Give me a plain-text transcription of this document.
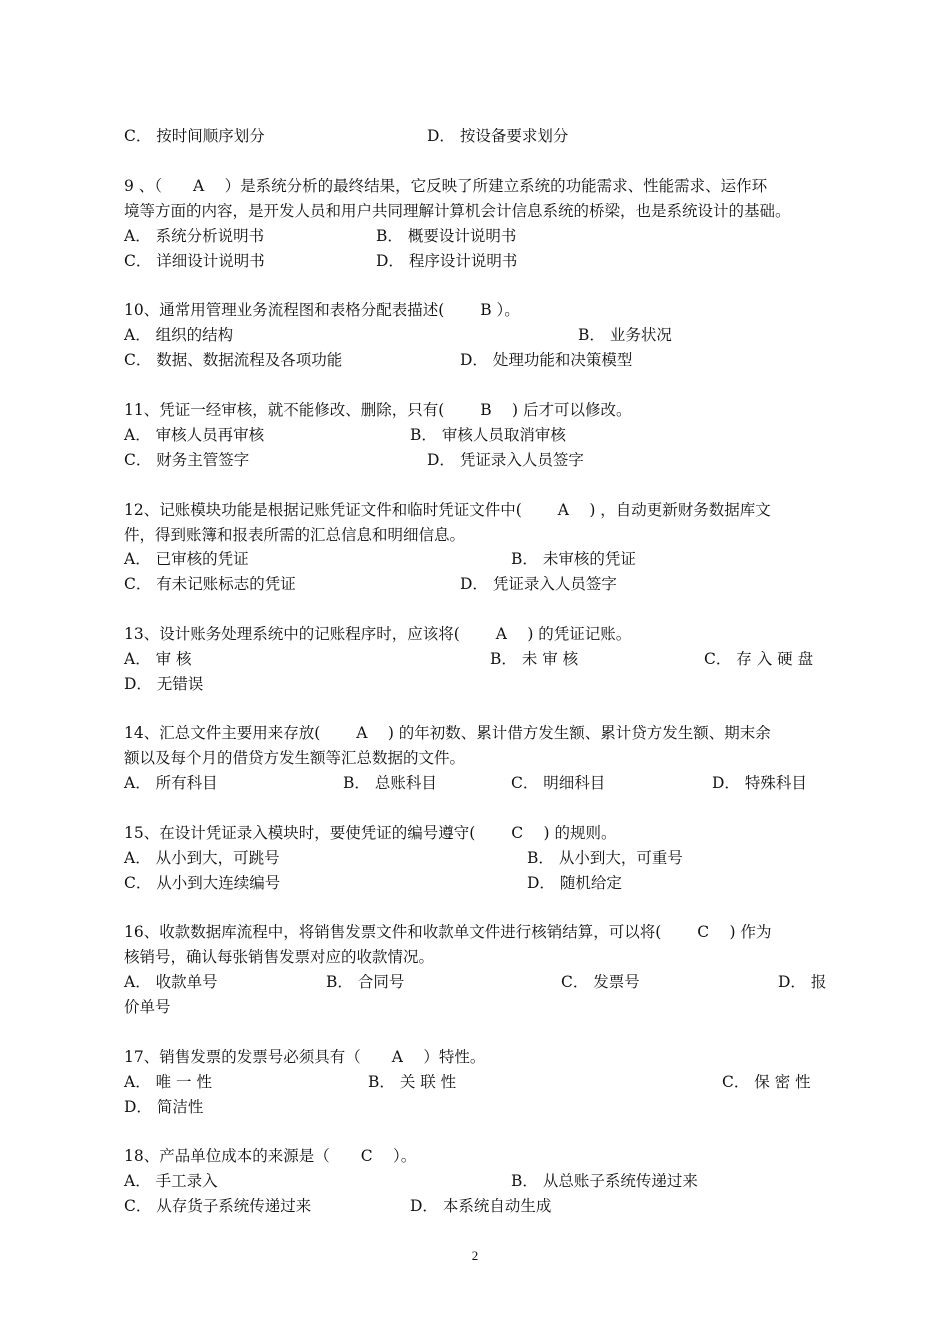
C． 按时间顺序划分	D． 按设备要求划分
9 、（　　A　 ）是系统分析的最终结果，它反映了所建立系统的功能需求、性能需求、运作环
境等方面的内容，是开发人员和用户共同理解计算机会计信息系统的桥梁，也是系统设计的基础。
A． 系统分析说明书	B． 概要设计说明书
C． 详细设计说明书	D． 程序设计说明书
10、通常用管理业务流程图和表格分配表描述(　　 B ）。
A． 组织的结构	B． 业务状况
C． 数据、数据流程及各项功能	D． 处理功能和决策模型
11、凭证一经审核，就不能修改、删除，只有(　　 B　 ) 后才可以修改。
A． 审核人员再审核	B． 审核人员取消审核
C． 财务主管签字	D． 凭证录入人员签字
12、记账模块功能是根据记账凭证文件和临时凭证文件中(　　 A　 ) ，自动更新财务数据库文
件，得到账簿和报表所需的汇总信息和明细信息。
A． 已审核的凭证	B． 未审核的凭证
C． 有未记账标志的凭证	D． 凭证录入人员签字
13、设计账务处理系统中的记账程序时，应该将(　　 A　 ) 的凭证记账。
A． 审 核	B． 未 审 核	C． 存 入 硬 盘
D． 无错误
14、汇总文件主要用来存放(　　 A　 ) 的年初数、累计借方发生额、累计贷方发生额、期末余
额以及每个月的借贷方发生额等汇总数据的文件。
A． 所有科目	B． 总账科目	C． 明细科目	D． 特殊科目
15、在设计凭证录入模块时，要使凭证的编号遵守(　　 C　 ) 的规则。
A． 从小到大，可跳号	B． 从小到大，可重号
C． 从小到大连续编号	D． 随机给定
16、收款数据库流程中，将销售发票文件和收款单文件进行核销结算，可以将(　　 C　 ) 作为
核销号，确认每张销售发票对应的收款情况。
A． 收款单号	B． 合同号	C． 发票号	D． 报
价单号
17、销售发票的发票号必须具有（　　A　 ）特性。
A． 唯 一 性	B． 关 联 性	C． 保 密 性
D． 简洁性
18、产品单位成本的来源是（　　C　 ）。
A． 手工录入	B． 从总账子系统传递过来
C． 从存货子系统传递过来	D． 本系统自动生成
2
